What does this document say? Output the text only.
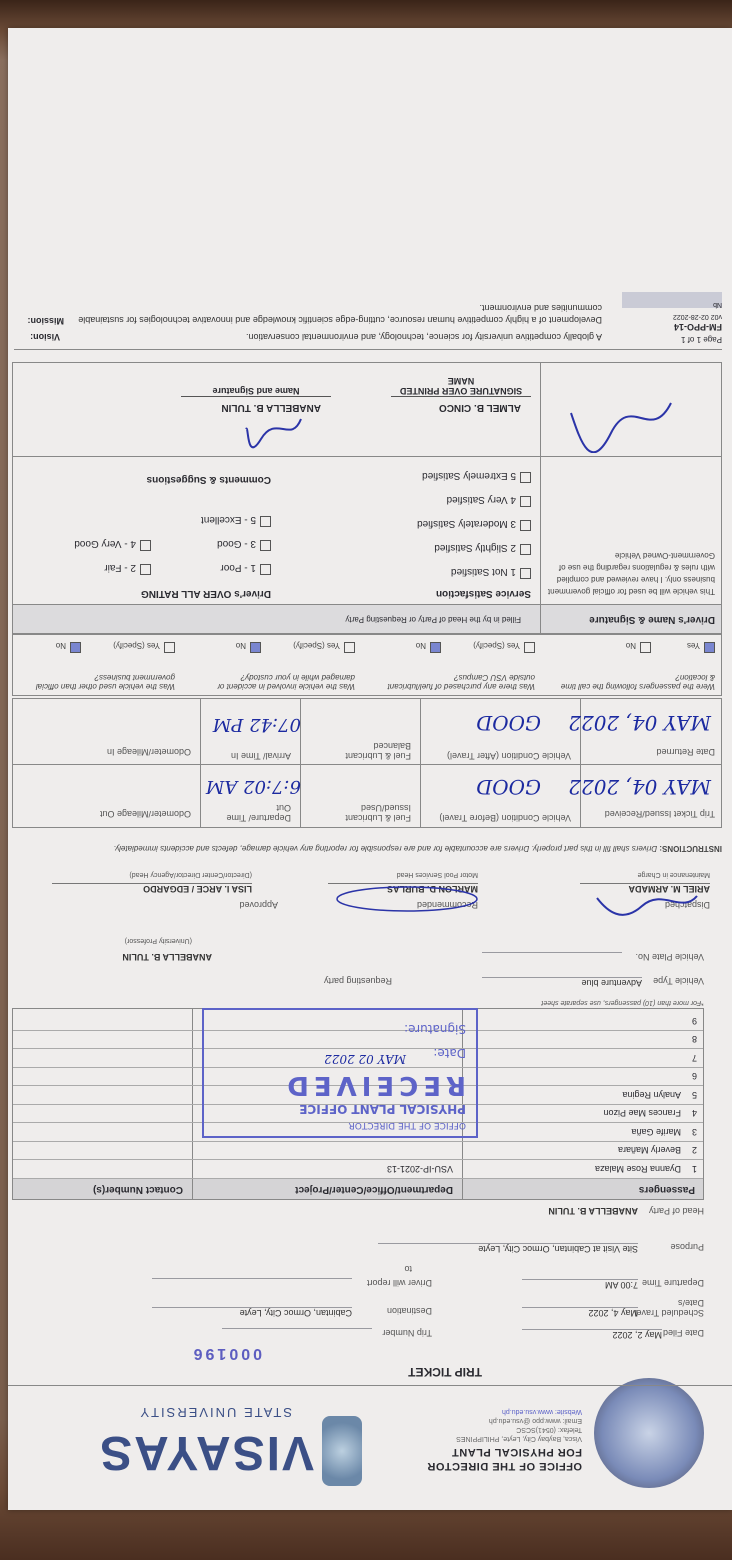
OFFICE OF THE DIRECTOR
FOR PHYSICAL PLANT
Visca, Baybay City, Leyte, PHILIPPINES
Telefax: (0541)SCSC
Email: www.ppo @vsu.edu.ph
Website: www.vsu.edu.ph
VISAYAS
STATE UNIVERSITY
TRIP TICKET
000196
Date Filed
May 2, 2022
Trip Number
Scheduled Travel
Date/s
May 4, 2022
Destination
Cabintan, Ormoc City, Leyte
Departure Time
7:00 AM
Driver will report
to
Purpose
Site Visit at Cabintan, Ormoc City, Leyte
Head of Party
ANABELLA B. TULIN
Passengers
Department/Office/Center/Project
Contact Number(s)
1
Dyanna Rose Malaza
VSU-IP-2021-13
2
Beverly Mañara
3
Marife Gaña
4
Frances Mae Pizon
5
Analyn Regina
6
7
8
9
OFFICE OF THE DIRECTOR
PHYSICAL PLANT OFFICE
RECEIVED
Date:
MAY 02 2022
Signature:
*For more than (10) passengers, use separate sheet
Vehicle Type
Adventure blue
Requesting party
Vehicle Plate No.
ANABELLA B. TULIN
(University Professor)
Dispatched
ARIEL M. ARMADA
Maintenance in Charge
Recommended
MARLON D. BURLAS
Motor Pool Services Head
Approved
LISA I. ARCE / EDGARDO
(Director/Center Director/Agency Head)
INSTRUCTIONS: Drivers shall fill in this part properly. Drivers are accountable for and are responsible for reporting any vehicle damage, defects and accidents immediately.
Trip Ticket Issued/Received
Vehicle Condition (Before Travel)
Fuel & Lubricant Issued/Used
Departure/ Time Out
Odometer/Mileage Out
MAY 04, 2022
GOOD
6:7:02 AM
Date Returned
Vehicle Condition (After Travel)
Fuel & Lubricant Balanced
Arrival/ Time In
Odometer/Mileage In
MAY 04, 2022
GOOD
07:42 PM
Were the passengers following the call time & location?
Was there any purchased of fuel/lubricant outside VSU Campus?
Was the vehicle involved in accident or damaged while in your custody?
Was the vehicle used other than official government business?
Yes
No
Yes (Specify)
No
Yes (Specify)
No
Yes (Specify)
No
Driver's Name & Signature
Filled in by the Head of Party or Requesting Party
This vehicle will be used for official government business only. I have reviewed and complied with rules & regulations regarding the use of Government-Owned Vehicle
Service Satisfaction
Driver's OVER ALL RATING
1 Not Satisfied
2 Slightly Satisfied
3 Moderately Satisfied
4 Very Satisfied
5 Extremely Satisfied
1 - Poor
2 - Fair
3 - Good
4 - Very Good
5 - Excellent
Comments & Suggestions
ALMEL B. CINCO
SIGNATURE OVER PRINTED NAME
ANABELLA B. TULIN
Name and Signature
Page 1 of 1
FM-PPO-14
v02 02-28-2022
Nb
A globally competitive university for science, technology, and environmental conservation.
Vision:
Development of a highly competitive human resource, cutting-edge scientific knowledge and innovative technologies for sustainable communities and environment.
Mission:
